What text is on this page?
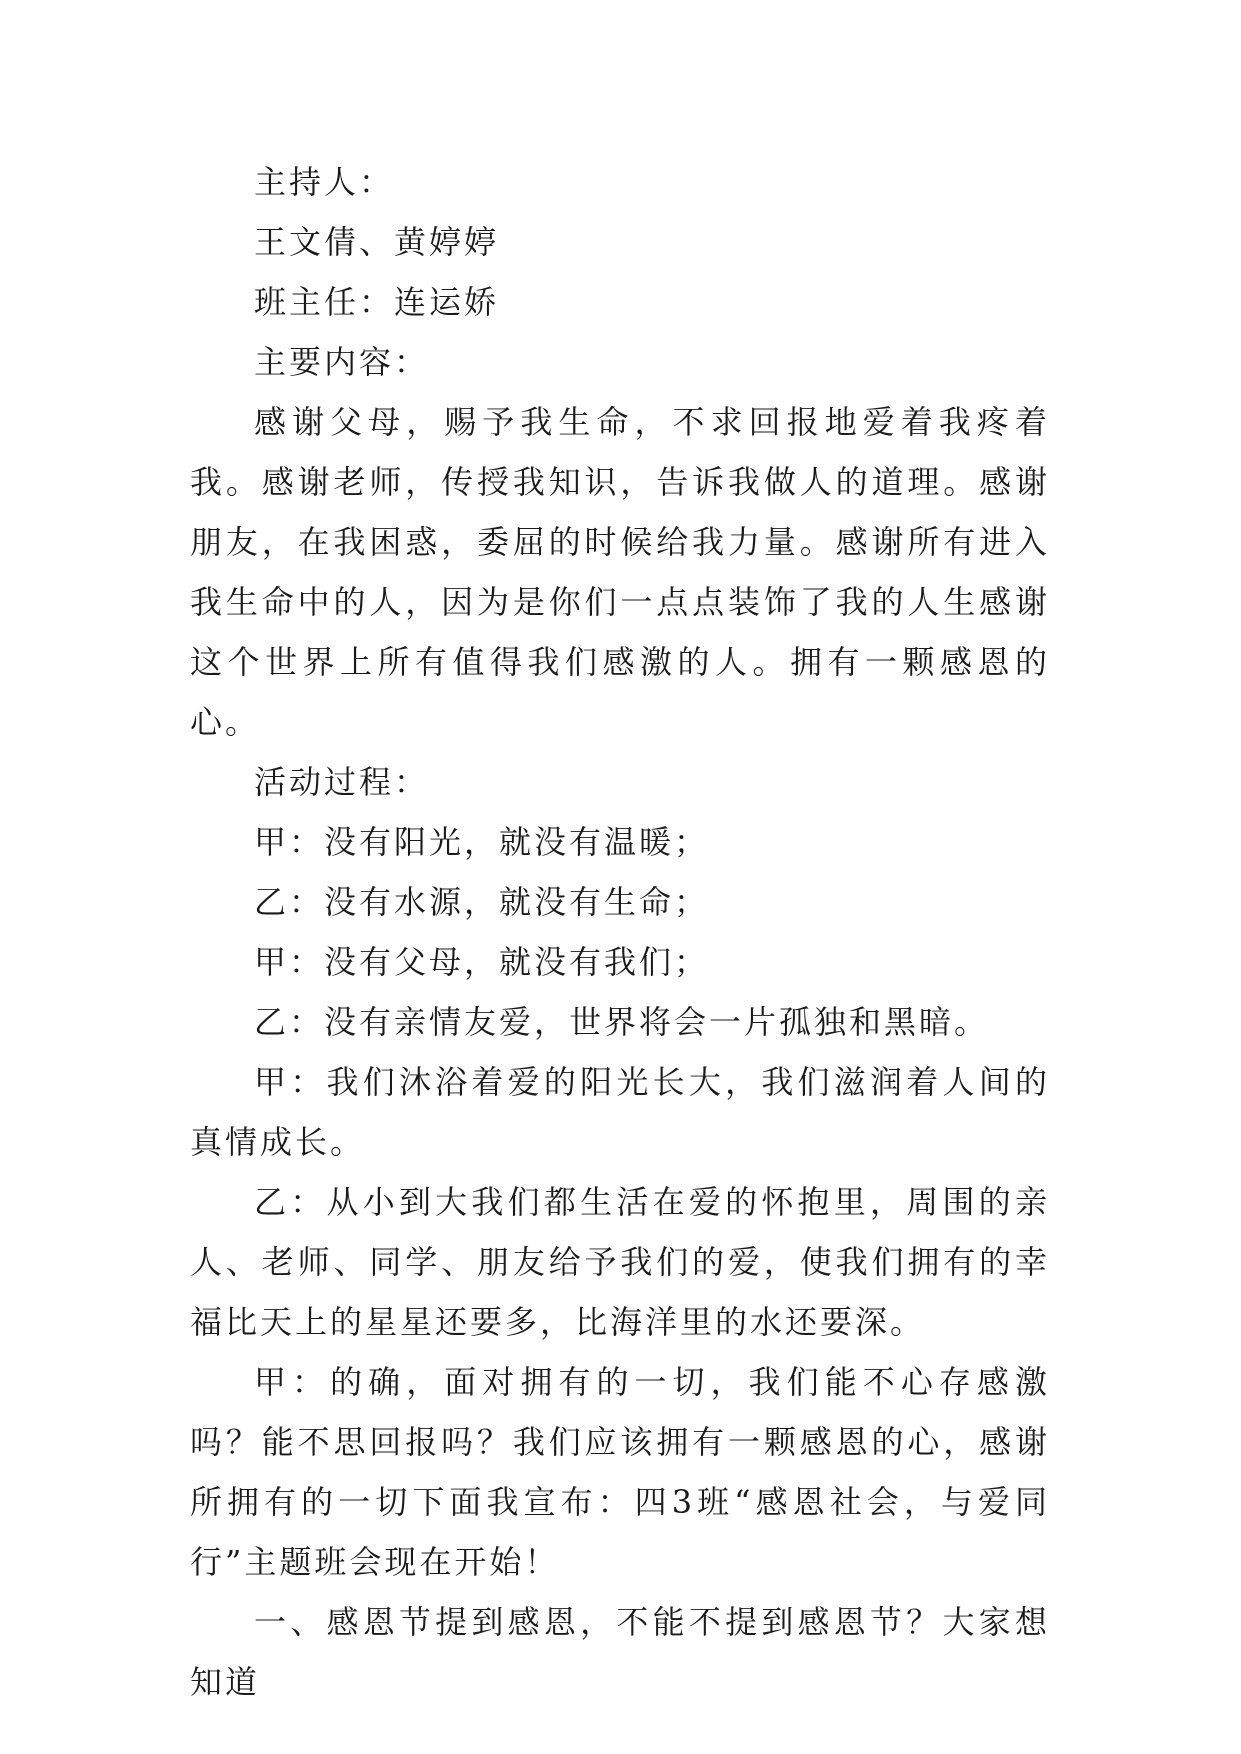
主持人：

王文倩、黄婷婷

班主任：连运娇

主要内容：

感谢父母，赐予我生命，不求回报地爱着我疼着我。感谢老师，传授我知识，告诉我做人的道理。感谢朋友，在我困惑，委屈的时候给我力量。感谢所有进入我生命中的人，因为是你们一点点装饰了我的人生感谢这个世界上所有值得我们感激的人。拥有一颗感恩的心。

活动过程：

甲：没有阳光，就没有温暖；

乙：没有水源，就没有生命；

甲：没有父母，就没有我们；

乙：没有亲情友爱，世界将会一片孤独和黑暗。

甲：我们沐浴着爱的阳光长大，我们滋润着人间的真情成长。

乙：从小到大我们都生活在爱的怀抱里，周围的亲人、老师、同学、朋友给予我们的爱，使我们拥有的幸福比天上的星星还要多，比海洋里的水还要深。

甲：的确，面对拥有的一切，我们能不心存感激吗？能不思回报吗？我们应该拥有一颗感恩的心，感谢所拥有的一切下面我宣布：四3班“感恩社会，与爱同行”主题班会现在开始！

一、感恩节提到感恩，不能不提到感恩节？大家想知道
